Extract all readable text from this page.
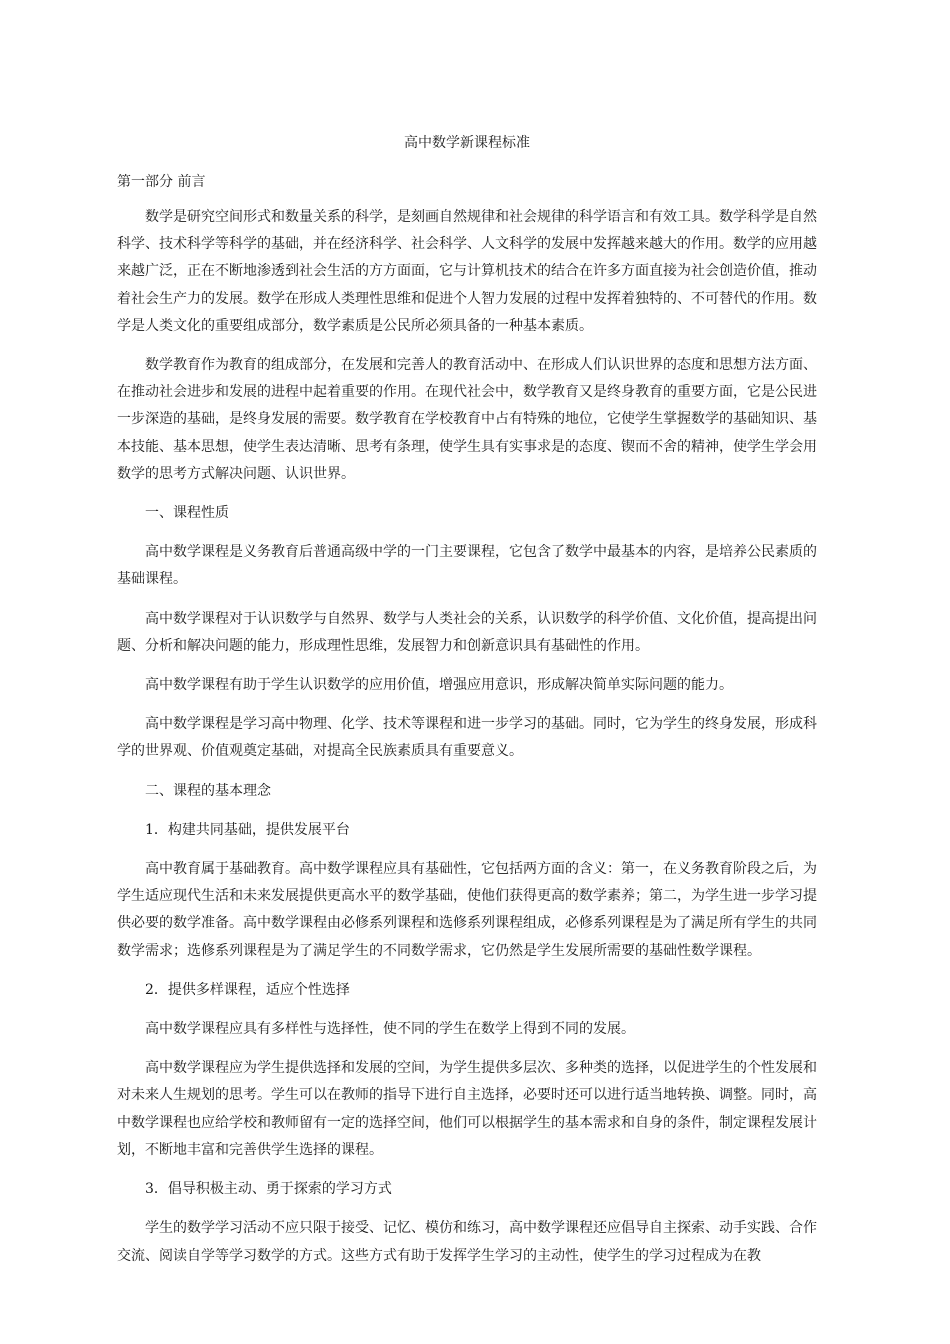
高中数学新课程标准
第一部分 前言

数学是研究空间形式和数量关系的科学，是刻画自然规律和社会规律的科学语言和有效工具。数学科学是自然科学、技术科学等科学的基础，并在经济科学、社会科学、人文科学的发展中发挥越来越大的作用。数学的应用越来越广泛，正在不断地渗透到社会生活的方方面面，它与计算机技术的结合在许多方面直接为社会创造价值，推动着社会生产力的发展。数学在形成人类理性思维和促进个人智力发展的过程中发挥着独特的、不可替代的作用。数学是人类文化的重要组成部分，数学素质是公民所必须具备的一种基本素质。

数学教育作为教育的组成部分，在发展和完善人的教育活动中、在形成人们认识世界的态度和思想方法方面、在推动社会进步和发展的进程中起着重要的作用。在现代社会中，数学教育又是终身教育的重要方面，它是公民进一步深造的基础，是终身发展的需要。数学教育在学校教育中占有特殊的地位，它使学生掌握数学的基础知识、基本技能、基本思想，使学生表达清晰、思考有条理，使学生具有实事求是的态度、锲而不舍的精神，使学生学会用数学的思考方式解决问题、认识世界。

一、课程性质

高中数学课程是义务教育后普通高级中学的一门主要课程，它包含了数学中最基本的内容，是培养公民素质的基础课程。

高中数学课程对于认识数学与自然界、数学与人类社会的关系，认识数学的科学价值、文化价值，提高提出问题、分析和解决问题的能力，形成理性思维，发展智力和创新意识具有基础性的作用。

高中数学课程有助于学生认识数学的应用价值，增强应用意识，形成解决简单实际问题的能力。

高中数学课程是学习高中物理、化学、技术等课程和进一步学习的基础。同时，它为学生的终身发展，形成科学的世界观、价值观奠定基础，对提高全民族素质具有重要意义。

二、课程的基本理念
1．构建共同基础，提供发展平台

高中教育属于基础教育。高中数学课程应具有基础性，它包括两方面的含义：第一，在义务教育阶段之后，为学生适应现代生活和未来发展提供更高水平的数学基础，使他们获得更高的数学素养；第二，为学生进一步学习提供必要的数学准备。高中数学课程由必修系列课程和选修系列课程组成，必修系列课程是为了满足所有学生的共同数学需求；选修系列课程是为了满足学生的不同数学需求，它仍然是学生发展所需要的基础性数学课程。

2．提供多样课程，适应个性选择

高中数学课程应具有多样性与选择性，使不同的学生在数学上得到不同的发展。

高中数学课程应为学生提供选择和发展的空间，为学生提供多层次、多种类的选择，以促进学生的个性发展和对未来人生规划的思考。学生可以在教师的指导下进行自主选择，必要时还可以进行适当地转换、调整。同时，高中数学课程也应给学校和教师留有一定的选择空间，他们可以根据学生的基本需求和自身的条件，制定课程发展计划，不断地丰富和完善供学生选择的课程。

3．倡导积极主动、勇于探索的学习方式

学生的数学学习活动不应只限于接受、记忆、模仿和练习，高中数学课程还应倡导自主探索、动手实践、合作交流、阅读自学等学习数学的方式。这些方式有助于发挥学生学习的主动性，使学生的学习过程成为在教
